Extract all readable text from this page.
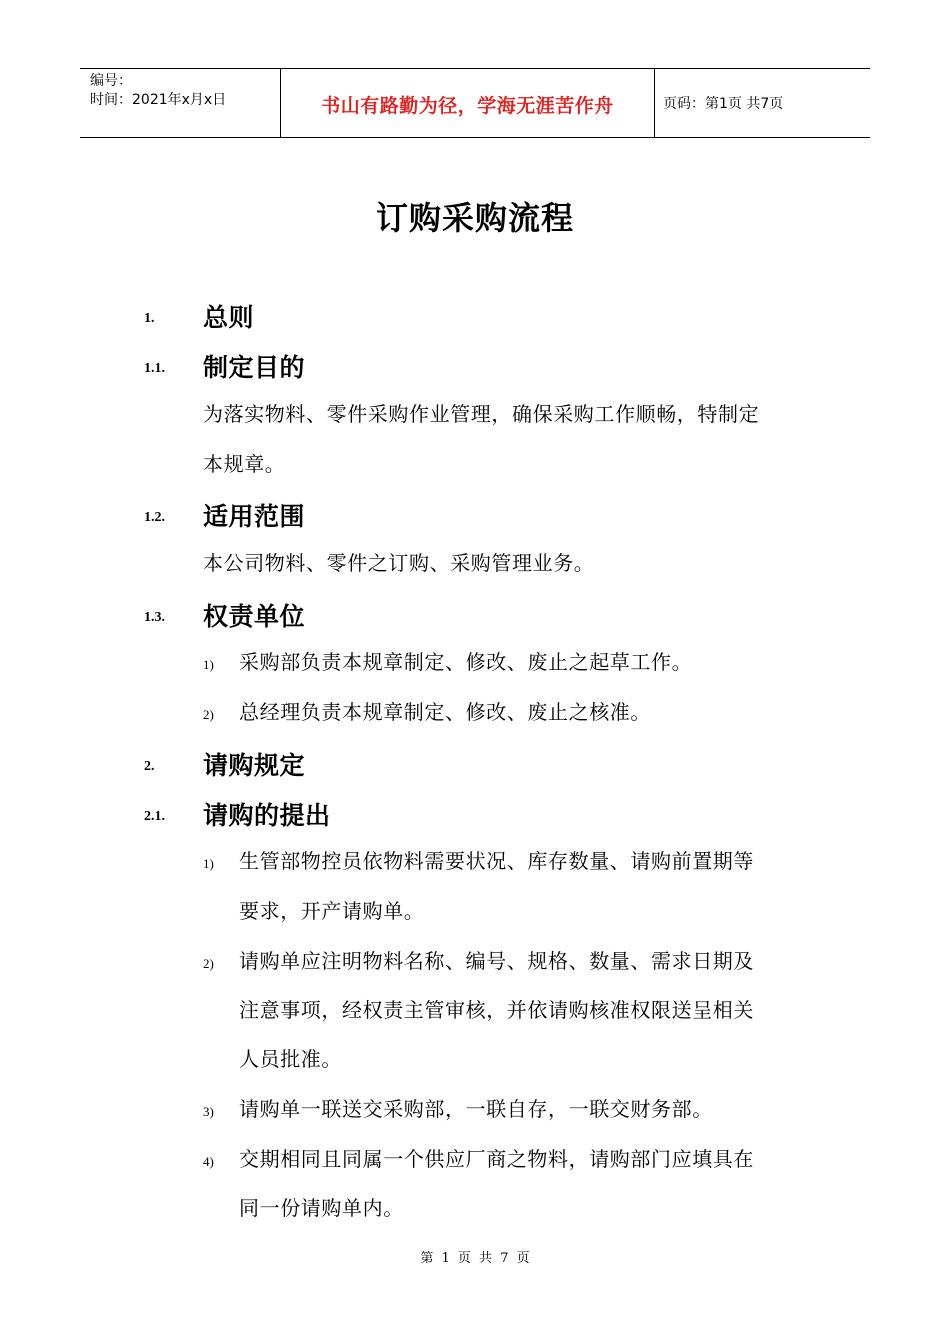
编号：
时间：2021年x月x日	书山有路勤为径，学海无涯苦作舟	页码：第1页 共7页
订购采购流程
1. 总则
1.1. 制定目的
为落实物料、零件采购作业管理，确保采购工作顺畅，特制定
本规章。
1.2. 适用范围
本公司物料、零件之订购、采购管理业务。
1.3. 权责单位
1) 采购部负责本规章制定、修改、废止之起草工作。
2) 总经理负责本规章制定、修改、废止之核准。
2. 请购规定
2.1. 请购的提出
1) 生管部物控员依物料需要状况、库存数量、请购前置期等
要求，开产请购单。
2) 请购单应注明物料名称、编号、规格、数量、需求日期及
注意事项，经权责主管审核，并依请购核准权限送呈相关
人员批准。
3) 请购单一联送交采购部，一联自存，一联交财务部。
4) 交期相同且同属一个供应厂商之物料，请购部门应填具在
同一份请购单内。
第 1 页 共 7 页
